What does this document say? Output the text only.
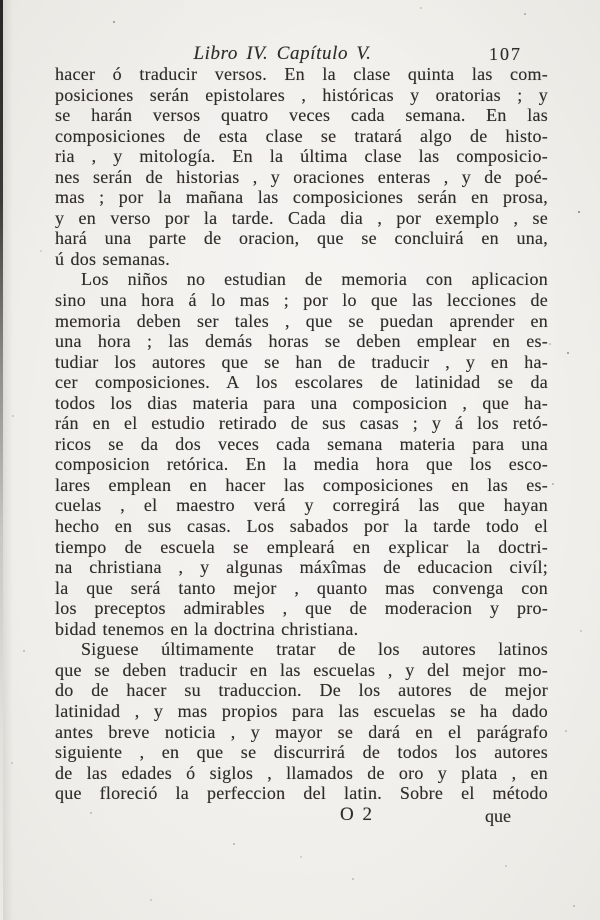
Libro IV. Capítulo V.	107
hacer ó traducir versos. En la clase quinta las com-
posiciones serán epistolares , históricas y oratorias ; y
se harán versos quatro veces cada semana. En las
composiciones de esta clase se tratará algo de histo-
ria , y mitología. En la última clase las composicio-
nes serán de historias , y oraciones enteras , y de poé-
mas ; por la mañana las composiciones serán en prosa,
y en verso por la tarde. Cada dia , por exemplo , se
hará una parte de oracion, que se concluirá en una,
ú dos semanas.
Los niños no estudian de memoria con aplicacion
sino una hora á lo mas ; por lo que las lecciones de
memoria deben ser tales , que se puedan aprender en
una hora ; las demás horas se deben emplear en es-
tudiar los autores que se han de traducir , y en ha-
cer composiciones. A los escolares de latinidad se da
todos los dias materia para una composicion , que ha-
rán en el estudio retirado de sus casas ; y á los retó-
ricos se da dos veces cada semana materia para una
composicion retórica. En la media hora que los esco-
lares emplean en hacer las composiciones en las es-
cuelas , el maestro verá y corregirá las que hayan
hecho en sus casas. Los sabados por la tarde todo el
tiempo de escuela se empleará en explicar la doctri-
na christiana , y algunas máxîmas de educacion civíl;
la que será tanto mejor , quanto mas convenga con
los preceptos admirables , que de moderacion y pro-
bidad tenemos en la doctrina christiana.
Siguese últimamente tratar de los autores latinos
que se deben traducir en las escuelas , y del mejor mo-
do de hacer su traduccion. De los autores de mejor
latinidad , y mas propios para las escuelas se ha dado
antes breve noticia , y mayor se dará en el parágrafo
siguiente , en que se discurrirá de todos los autores
de las edades ó siglos , llamados de oro y plata , en
que floreció la perfeccion del latin. Sobre el método
O 2	que
